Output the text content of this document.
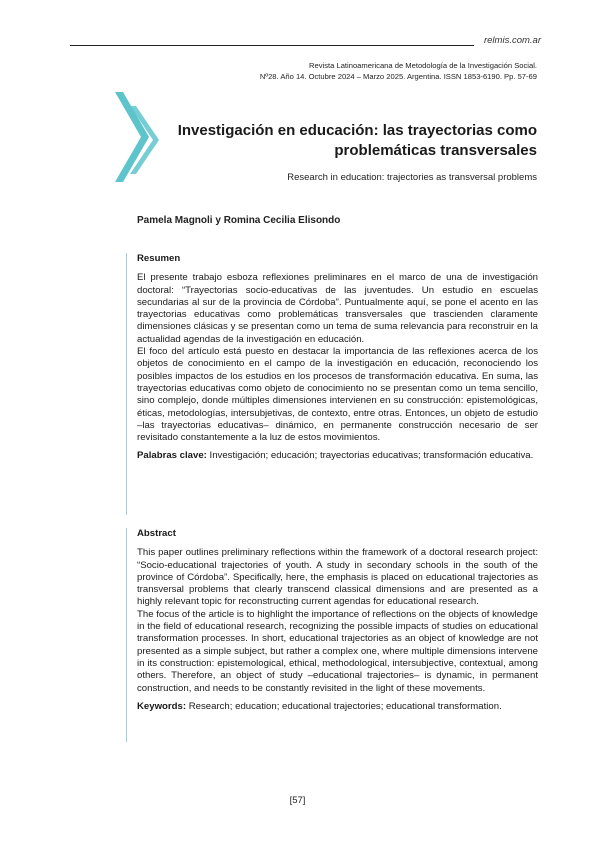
relmis.com.ar
Revista Latinoamericana de Metodología de la Investigación Social.
Nº28. Año 14. Octubre 2024 – Marzo 2025. Argentina. ISSN 1853-6190. Pp. 57-69
Investigación en educación: las trayectorias como
problemáticas transversales
Research in education: trajectories as transversal problems
Pamela Magnoli y Romina Cecilia Elisondo
Resumen

El presente trabajo esboza reflexiones preliminares en el marco de una de investigación doctoral: “Trayectorias socio-educativas de las juventudes. Un estudio en escuelas secundarias al sur de la provincia de Córdoba”. Puntualmente aquí, se pone el acento en las trayectorias educativas como problemáticas transversales que trascienden claramente dimensiones clásicas y se presentan como un tema de suma relevancia para reconstruir en la actualidad agendas de la investigación en educación.

El foco del artículo está puesto en destacar la importancia de las reflexiones acerca de los objetos de conocimiento en el campo de la investigación en educación, reconociendo los posibles impactos de los estudios en los procesos de transformación educativa. En suma, las trayectorias educativas como objeto de conocimiento no se presentan como un tema sencillo, sino complejo, donde múltiples dimensiones intervienen en su construcción: epistemológicas, éticas, metodologías, intersubjetivas, de contexto, entre otras. Entonces, un objeto de estudio –las trayectorias educativas– dinámico, en permanente construcción necesario de ser revisitado constantemente a la luz de estos movimientos.

Palabras clave: Investigación; educación; trayectorias educativas; transformación educativa.

Abstract

This paper outlines preliminary reflections within the framework of a doctoral research project: “Socio-educational trajectories of youth. A study in secondary schools in the south of the province of Córdoba”. Specifically, here, the emphasis is placed on educational trajectories as transversal problems that clearly transcend classical dimensions and are presented as a highly relevant topic for reconstructing current agendas for educational research.

The focus of the article is to highlight the importance of reflections on the objects of knowledge in the field of educational research, recognizing the possible impacts of studies on educational transformation processes. In short, educational trajectories as an object of knowledge are not presented as a simple subject, but rather a complex one, where multiple dimensions intervene in its construction: epistemological, ethical, methodological, intersubjective, contextual, among others. Therefore, an object of study –educational trajectories– is dynamic, in permanent construction, and needs to be constantly revisited in the light of these movements.

Keywords: Research; education; educational trajectories; educational transformation.

[57]
